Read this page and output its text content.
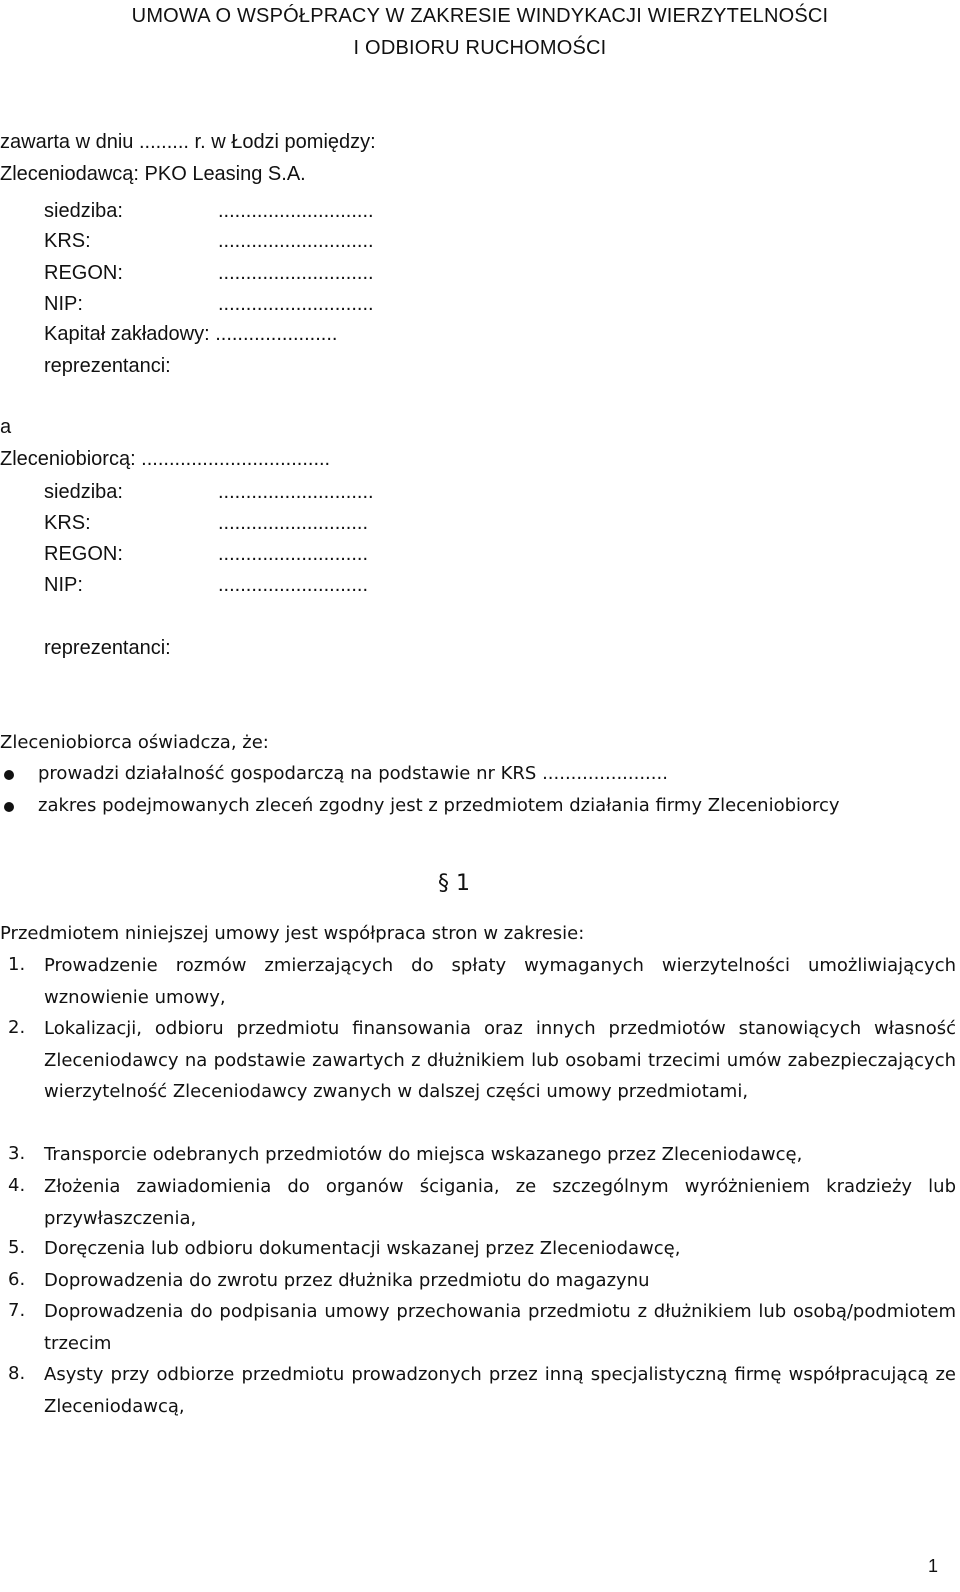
UMOWA O WSPÓŁPRACY W ZAKRESIE WINDYKACJI WIERZYTELNOŚCI
I ODBIORU RUCHOMOŚCI
zawarta w dniu ......... r. w Łodzi pomiędzy:
Zleceniodawcą: PKO Leasing S.A.
siedziba:	............................
KRS:	............................
REGON:	............................
NIP:	............................
Kapitał zakładowy: ......................
reprezentanci:
a
Zleceniobiorcą: ..................................
siedziba:	............................
KRS:	...........................
REGON:	...........................
NIP:	...........................
reprezentanci:
Zleceniobiorca oświadcza, że:
prowadzi działalność gospodarczą na podstawie nr KRS ......................
zakres podejmowanych zleceń zgodny jest z przedmiotem działania firmy Zleceniobiorcy
§ 1
Przedmiotem niniejszej umowy jest współpraca stron w zakresie:
1.	Prowadzenie rozmów zmierzających do spłaty wymaganych wierzytelności umożliwiających wznowienie umowy,
2.	Lokalizacji, odbioru przedmiotu finansowania oraz innych przedmiotów stanowiących własność Zleceniodawcy na podstawie zawartych z dłużnikiem lub osobami trzecimi umów zabezpieczających wierzytelność Zleceniodawcy zwanych w dalszej części umowy przedmiotami,
3.	Transporcie odebranych przedmiotów do miejsca wskazanego przez Zleceniodawcę,
4.	Złożenia zawiadomienia do organów ścigania, ze szczególnym wyróżnieniem kradzieży lub przywłaszczenia,
5.	Doręczenia lub odbioru dokumentacji wskazanej przez Zleceniodawcę,
6.	Doprowadzenia do zwrotu przez dłużnika przedmiotu do magazynu
7.	Doprowadzenia do podpisania umowy przechowania przedmiotu z dłużnikiem lub osobą/podmiotem trzecim
8.	Asysty przy odbiorze przedmiotu prowadzonych przez inną specjalistyczną firmę współpracującą ze Zleceniodawcą,
1
